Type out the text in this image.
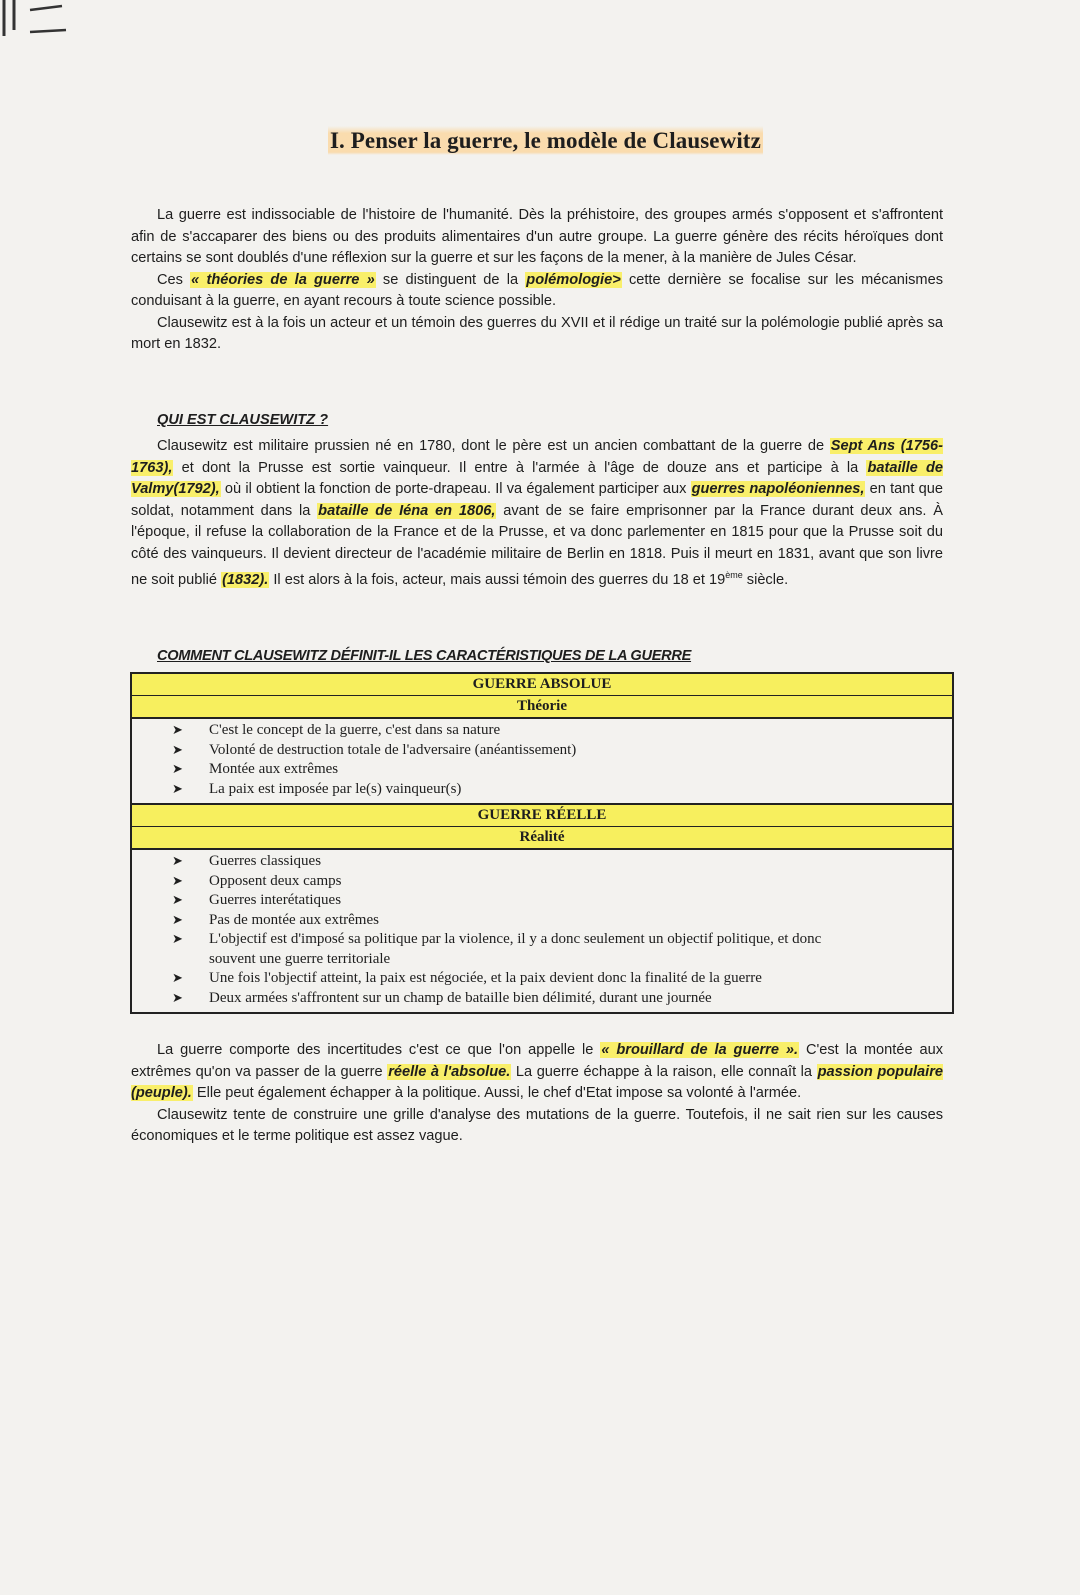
I. Penser la guerre, le modèle de Clausewitz

La guerre est indissociable de l'histoire de l'humanité. Dès la préhistoire, des groupes armés s'opposent et s'affrontent afin de s'accaparer des biens ou des produits alimentaires d'un autre groupe. La guerre génère des récits héroïques dont certains se sont doublés d'une réflexion sur la guerre et sur les façons de la mener, à la manière de Jules César.

Ces « théories de la guerre » se distinguent de la polémologie> cette dernière se focalise sur les mécanismes conduisant à la guerre, en ayant recours à toute science possible.

Clausewitz est à la fois un acteur et un témoin des guerres du XVII et il rédige un traité sur la polémologie publié après sa mort en 1832.

QUI EST CLAUSEWITZ ?

Clausewitz est militaire prussien né en 1780, dont le père est un ancien combattant de la guerre de Sept Ans (1756-1763), et dont la Prusse est sortie vainqueur. Il entre à l'armée à l'âge de douze ans et participe à la bataille de Valmy(1792), où il obtient la fonction de porte-drapeau. Il va également participer aux guerres napoléoniennes, en tant que soldat, notamment dans la bataille de Iéna en 1806, avant de se faire emprisonner par la France durant deux ans. À l'époque, il refuse la collaboration de la France et de la Prusse, et va donc parlementer en 1815 pour que la Prusse soit du côté des vainqueurs. Il devient directeur de l'académie militaire de Berlin en 1818. Puis il meurt en 1831, avant que son livre ne soit publié (1832). Il est alors à la fois, acteur, mais aussi témoin des guerres du 18 et 19ème siècle.

COMMENT CLAUSEWITZ DÉFINIT-IL LES CARACTÉRISTIQUES DE LA GUERRE
GUERRE ABSOLUE
Théorie
➤ C'est le concept de la guerre, c'est dans sa nature
➤ Volonté de destruction totale de l'adversaire (anéantissement)
➤ Montée aux extrêmes
➤ La paix est imposée par le(s) vainqueur(s)
GUERRE RÉELLE
Réalité
➤ Guerres classiques
➤ Opposent deux camps
➤ Guerres interétatiques
➤ Pas de montée aux extrêmes
➤ L'objectif est d'imposé sa politique par la violence, il y a donc seulement un objectif politique, et donc
souvent une guerre territoriale
➤ Une fois l'objectif atteint, la paix est négociée, et la paix devient donc la finalité de la guerre
➤ Deux armées s'affrontent sur un champ de bataille bien délimité, durant une journée

La guerre comporte des incertitudes c'est ce que l'on appelle le « brouillard de la guerre ». C'est la montée aux extrêmes qu'on va passer de la guerre réelle à l'absolue. La guerre échappe à la raison, elle connaît la passion populaire (peuple). Elle peut également échapper à la politique. Aussi, le chef d'Etat impose sa volonté à l'armée.

Clausewitz tente de construire une grille d'analyse des mutations de la guerre. Toutefois, il ne sait rien sur les causes économiques et le terme politique est assez vague.
